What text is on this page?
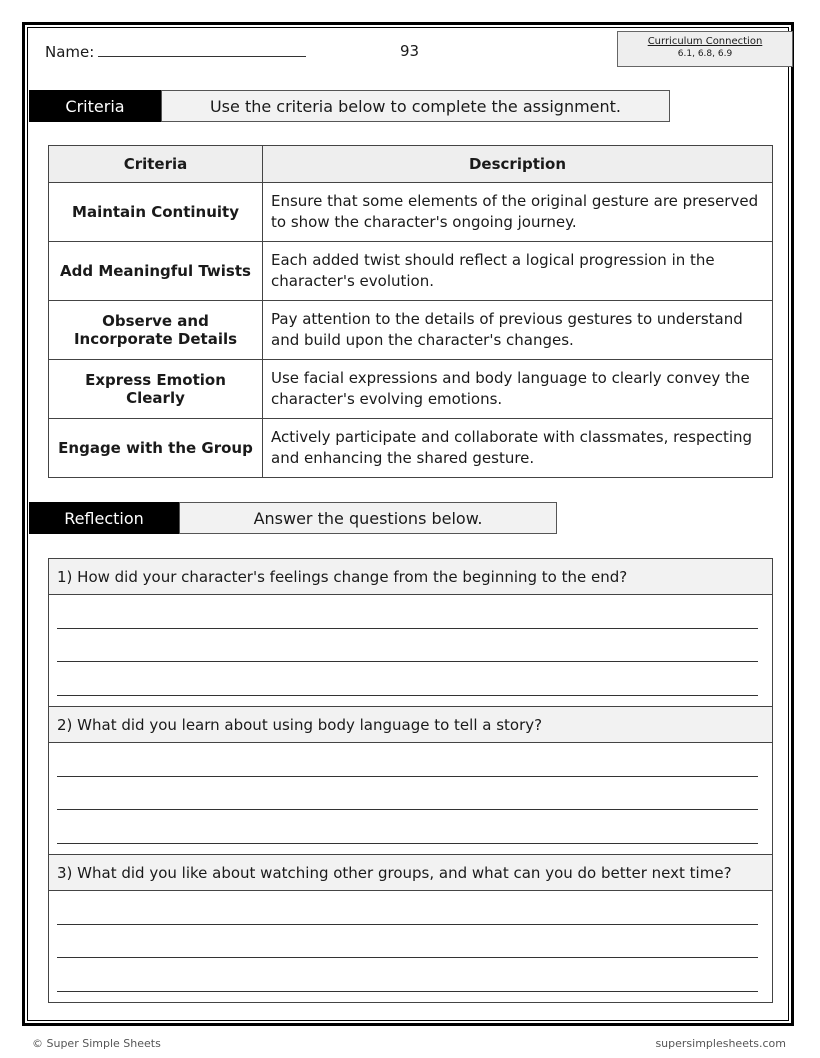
Name:	93
Curriculum Connection
6.1, 6.8, 6.9
Criteria	Use the criteria below to complete the assignment.
Criteria	Description
Maintain Continuity	Ensure that some elements of the original gesture are preserved to show the character's ongoing journey.
Add Meaningful Twists	Each added twist should reflect a logical progression in the character's evolution.
Observe and Incorporate Details	Pay attention to the details of previous gestures to understand and build upon the character's changes.
Express Emotion Clearly	Use facial expressions and body language to clearly convey the character's evolving emotions.
Engage with the Group	Actively participate and collaborate with classmates, respecting and enhancing the shared gesture.
Reflection	Answer the questions below.
1) How did your character's feelings change from the beginning to the end?
2) What did you learn about using body language to tell a story?
3) What did you like about watching other groups, and what can you do better next time?
© Super Simple Sheets	supersimplesheets.com
